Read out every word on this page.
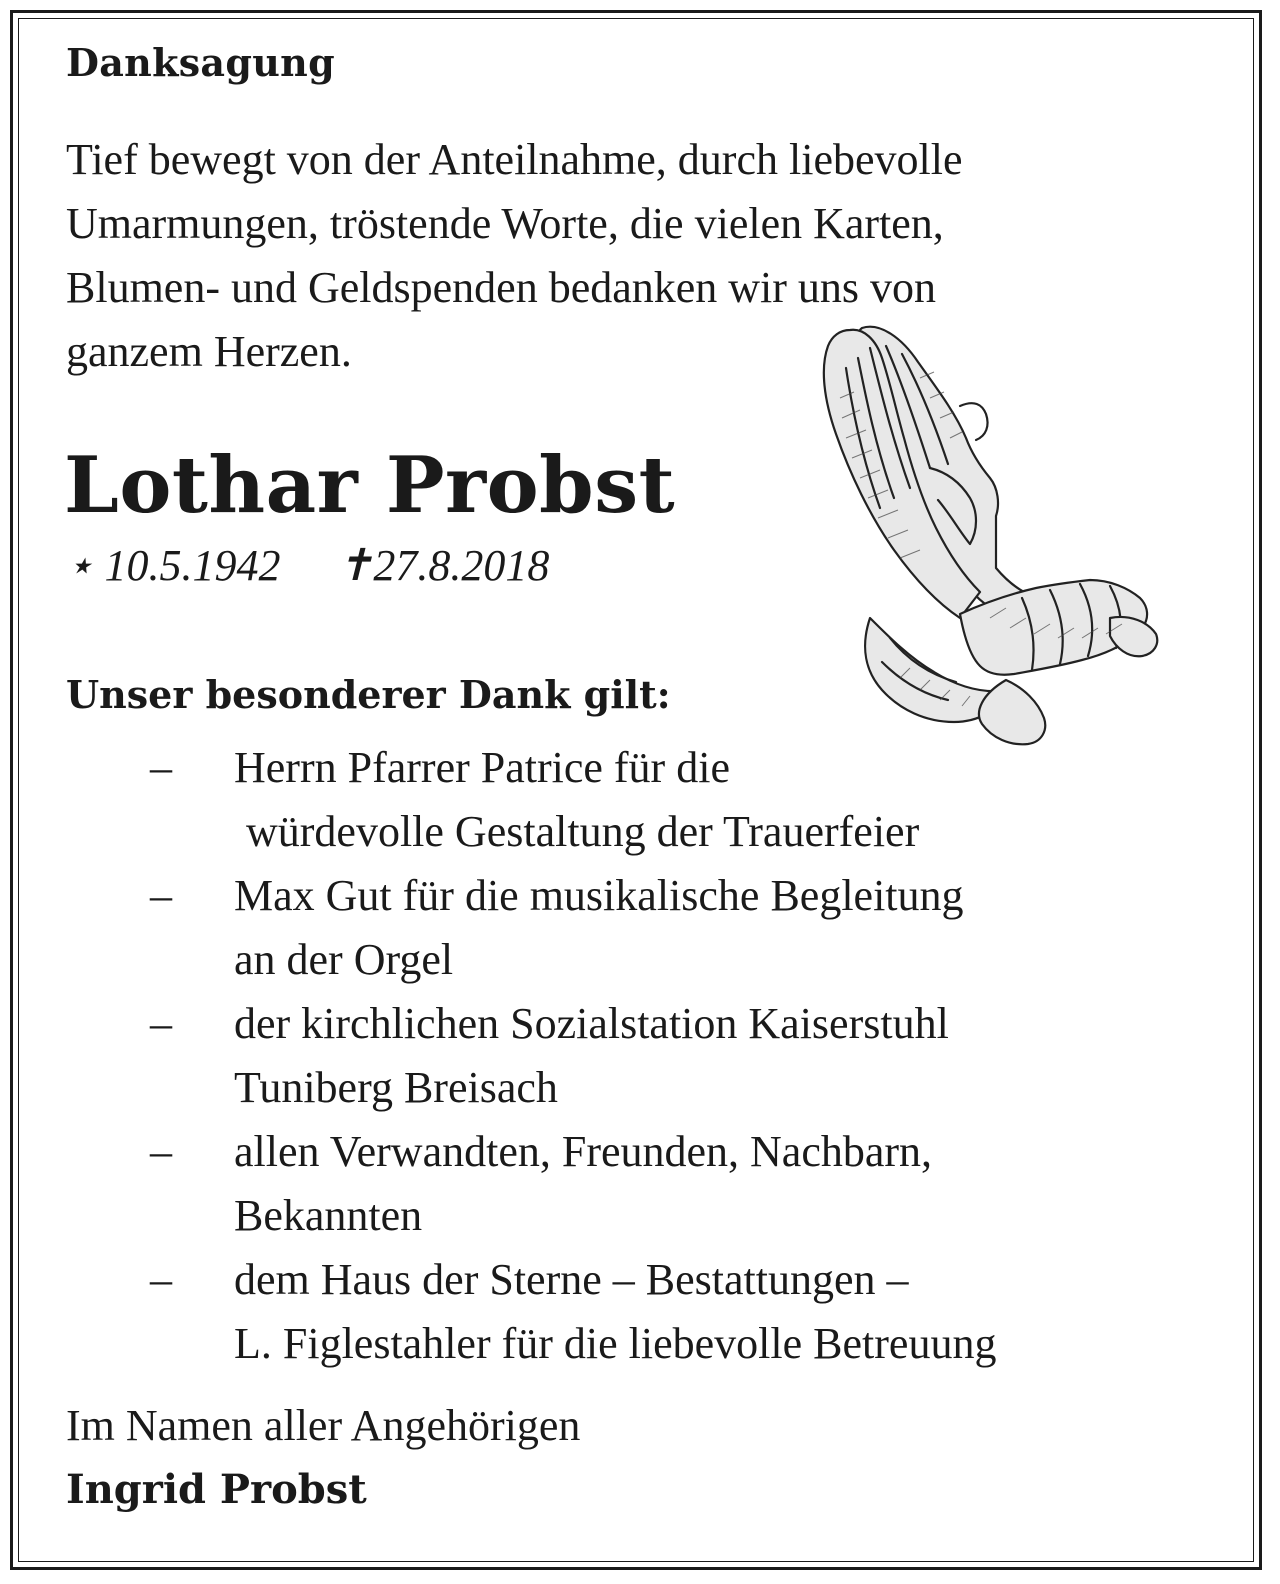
Danksagung
Tief bewegt von der Anteilnahme, durch liebevolle
Umarmungen, tröstende Worte, die vielen Karten,
Blumen- und Geldspenden bedanken wir uns von
ganzem Herzen.
Lothar Probst
⋆ 10.5.1942 ✝27.8.2018
Unser besonderer Dank gilt:
– Herrn Pfarrer Patrice für die
würdevolle Gestaltung der Trauerfeier
– Max Gut für die musikalische Begleitung
an der Orgel
– der kirchlichen Sozialstation Kaiserstuhl
Tuniberg Breisach
– allen Verwandten, Freunden, Nachbarn,
Bekannten
– dem Haus der Sterne – Bestattungen –
L. Figlestahler für die liebevolle Betreuung
Im Namen aller Angehörigen
Ingrid Probst
